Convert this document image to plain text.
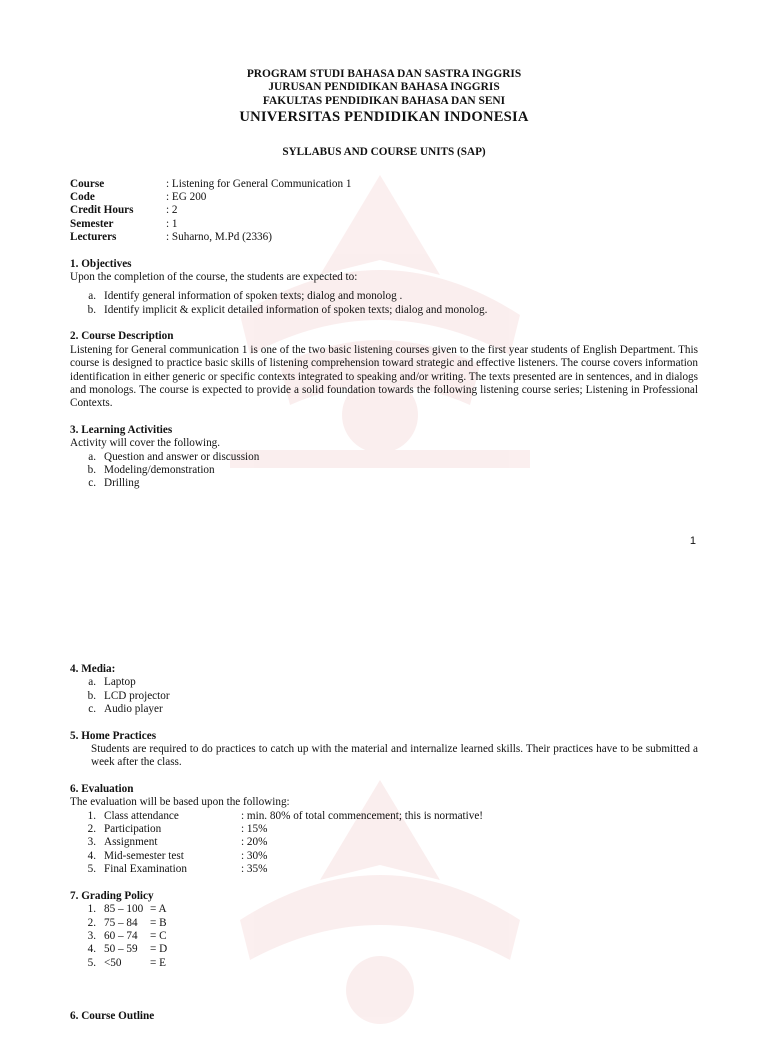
PROGRAM STUDI BAHASA DAN SASTRA INGGRIS
JURUSAN PENDIDIKAN BAHASA INGGRIS
FAKULTAS PENDIDIKAN BAHASA DAN SENI
UNIVERSITAS PENDIDIKAN INDONESIA
SYLLABUS AND COURSE UNITS (SAP)
Course	: Listening for General Communication 1
Code	: EG 200
Credit Hours	: 2
Semester	: 1
Lecturers	: Suharno, M.Pd (2336)
1. Objectives
Upon the completion of the course, the students are expected to:
a. Identify general information of spoken texts; dialog and monolog .
b. Identify implicit & explicit detailed information of spoken texts; dialog and monolog.
2. Course Description
Listening for General communication 1 is one of the two basic listening courses given to the first year students of English Department. This course is designed to practice basic skills of listening comprehension toward strategic and effective listeners. The course covers information identification in either generic or specific contexts integrated to speaking and/or writing. The texts presented are in sentences, and in dialogs and monologs. The course is expected to provide a solid foundation towards the following listening course series; Listening in Professional Contexts.
3. Learning Activities
Activity will cover the following.
a. Question and answer or discussion
b. Modeling/demonstration
c. Drilling
1
4. Media:
a. Laptop
b. LCD projector
c. Audio player
5. Home Practices
Students are required to do practices to catch up with the material and internalize learned skills. Their practices have to be submitted a week after the class.
6. Evaluation
The evaluation will be based upon the following:
1. Class attendance	: min. 80% of total commencement; this is normative!
2. Participation	: 15%
3. Assignment	: 20%
4. Mid-semester test	: 30%
5. Final Examination	: 35%
7. Grading Policy
1. 85 – 100 = A
2. 75 – 84	= B
3. 60 – 74	= C
4. 50 – 59	= D
5. <50	= E
6. Course Outline
